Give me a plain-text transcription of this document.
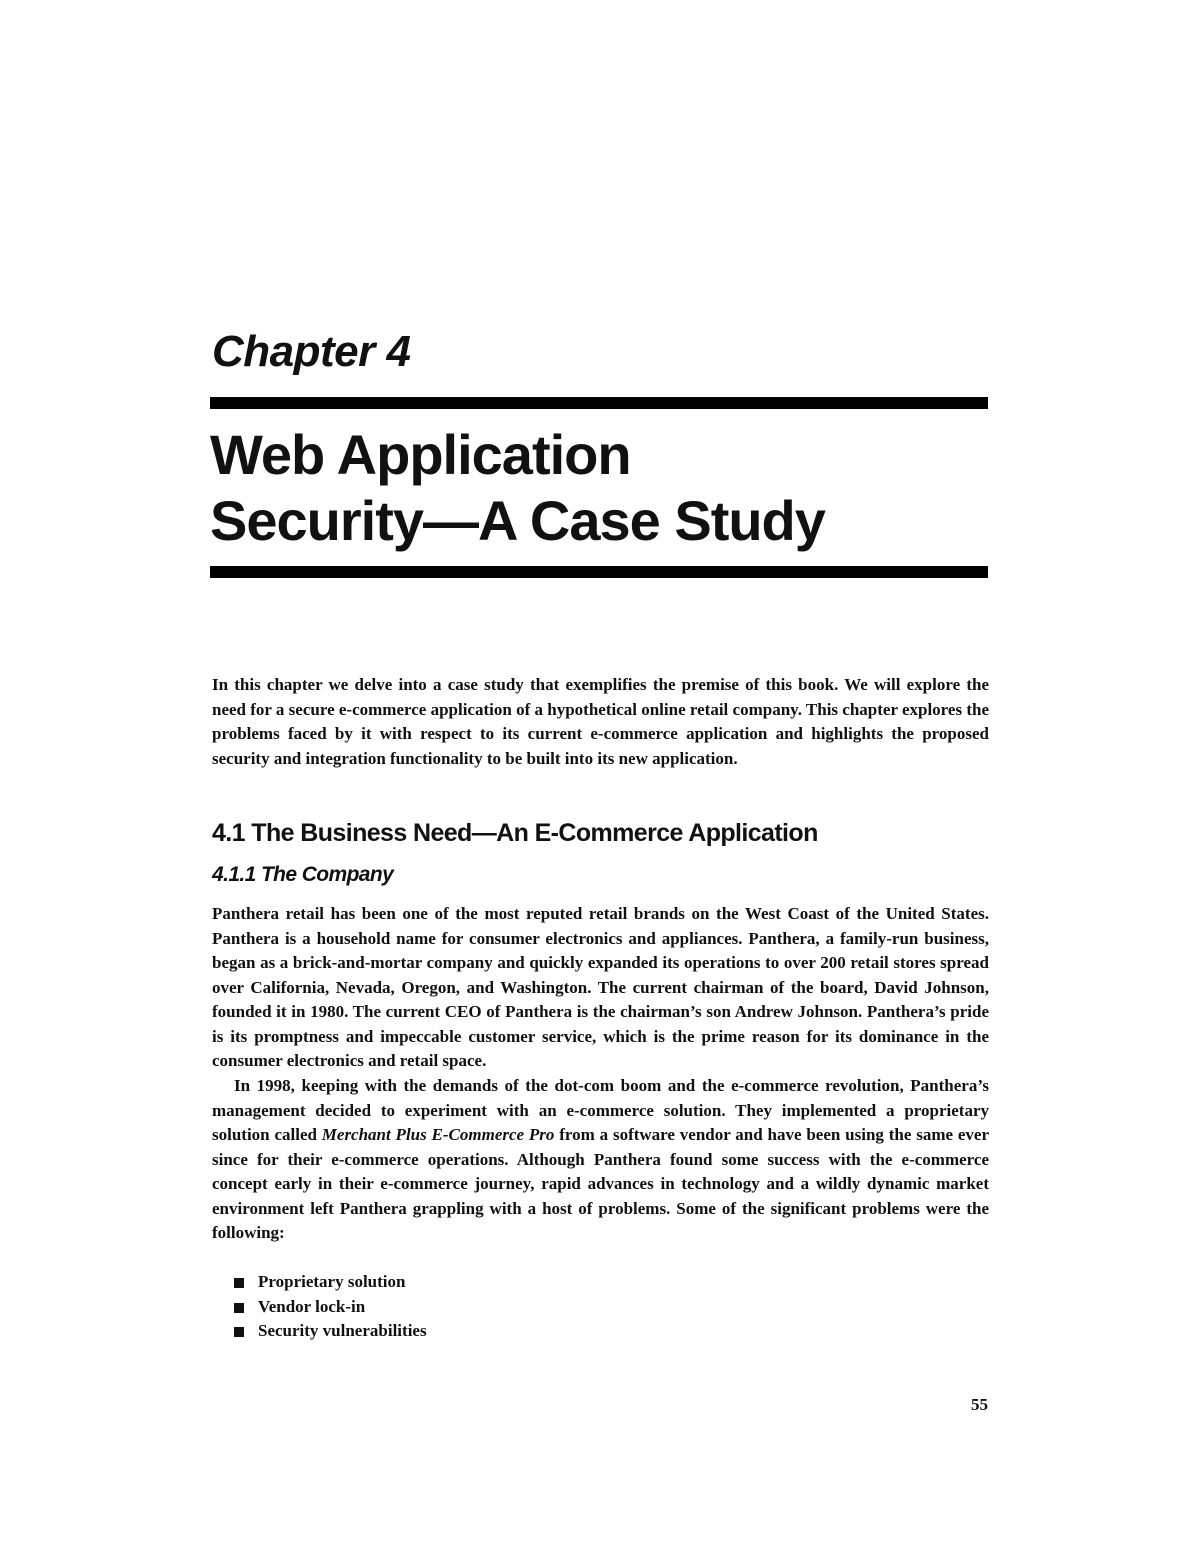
Chapter 4
Web Application
Security—A Case Study

In this chapter we delve into a case study that exemplifies the premise of this book. We will explore the need for a secure e-commerce application of a hypothetical online retail company. This chapter explores the problems faced by it with respect to its current e-commerce application and highlights the proposed security and integration functionality to be built into its new application.

4.1 The Business Need—An E-Commerce Application
4.1.1 The Company

Panthera retail has been one of the most reputed retail brands on the West Coast of the United States. Panthera is a household name for consumer electronics and appliances. Panthera, a family-run business, began as a brick-and-mortar company and quickly expanded its operations to over 200 retail stores spread over California, Nevada, Oregon, and Washington. The current chairman of the board, David Johnson, founded it in 1980. The current CEO of Panthera is the chairman’s son Andrew Johnson. Panthera’s pride is its promptness and impeccable customer service, which is the prime reason for its dominance in the consumer electronics and retail space.

In 1998, keeping with the demands of the dot-com boom and the e-commerce revolution, Panthera’s management decided to experiment with an e-commerce solution. They implemented a proprietary solution called Merchant Plus E-Commerce Pro from a software vendor and have been using the same ever since for their e-commerce operations. Although Panthera found some success with the e-commerce concept early in their e-commerce journey, rapid advances in technology and a wildly dynamic market environment left Panthera grappling with a host of problems. Some of the significant problems were the following:

Proprietary solution
Vendor lock-in
Security vulnerabilities
55
